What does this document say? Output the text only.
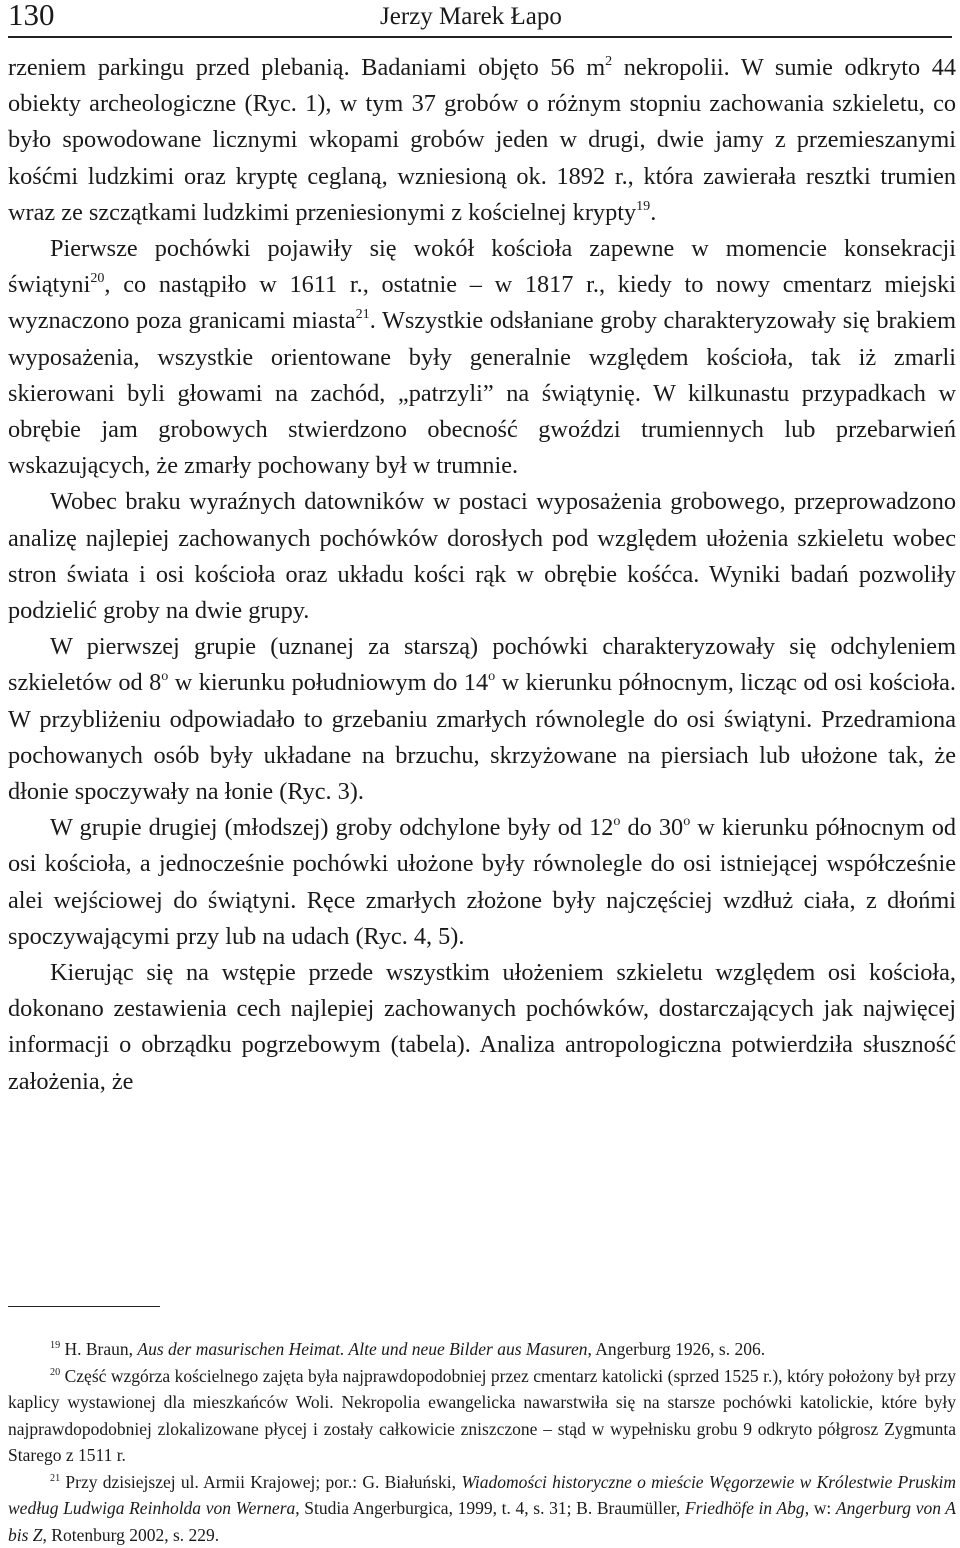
130	Jerzy Marek Łapo

rzeniem parkingu przed plebanią. Badaniami objęto 56 $m^2$ nekropolii. W sumie odkryto 44 obiekty archeologiczne (Ryc. 1), w tym 37 grobów o różnym stopniu zachowania szkieletu, co było spowodowane licznymi wkopami grobów jeden w drugi, dwie jamy z przemieszanymi kośćmi ludzkimi oraz kryptę ceglaną, wzniesioną ok. 1892 r., która zawierała resztki trumien wraz ze szczątkami ludzkimi przeniesionymi z kościelnej krypty$^{19}$.

Pierwsze pochówki pojawiły się wokół kościoła zapewne w momencie konsekracji świątyni$^{20}$, co nastąpiło w 1611 r., ostatnie – w 1817 r., kiedy to nowy cmentarz miejski wyznaczono poza granicami miasta$^{21}$. Wszystkie odsłaniane groby charakteryzowały się brakiem wyposażenia, wszystkie orientowane były generalnie względem kościoła, tak iż zmarli skierowani byli głowami na zachód, „patrzyli” na świątynię. W kilkunastu przypadkach w obrębie jam grobowych stwierdzono obecność gwoździ trumiennych lub przebarwień wskazujących, że zmarły pochowany był w trumnie.

Wobec braku wyraźnych datowników w postaci wyposażenia grobowego, przeprowadzono analizę najlepiej zachowanych pochówków dorosłych pod względem ułożenia szkieletu wobec stron świata i osi kościoła oraz układu kości rąk w obrębie kośćca. Wyniki badań pozwoliły podzielić groby na dwie grupy.

W pierwszej grupie (uznanej za starszą) pochówki charakteryzowały się odchyleniem szkieletów od 8$^o$ w kierunku południowym do 14$^o$ w kierunku północnym, licząc od osi kościoła. W przybliżeniu odpowiadało to grzebaniu zmarłych równolegle do osi świątyni. Przedramiona pochowanych osób były układane na brzuchu, skrzyżowane na piersiach lub ułożone tak, że dłonie spoczywały na łonie (Ryc. 3).

W grupie drugiej (młodszej) groby odchylone były od 12$^o$ do 30$^o$ w kierunku północnym od osi kościoła, a jednocześnie pochówki ułożone były równolegle do osi istniejącej współcześnie alei wejściowej do świątyni. Ręce zmarłych złożone były najczęściej wzdłuż ciała, z dłońmi spoczywającymi przy lub na udach (Ryc. 4, 5).

Kierując się na wstępie przede wszystkim ułożeniem szkieletu względem osi kościoła, dokonano zestawienia cech najlepiej zachowanych pochówków, dostarczających jak najwięcej informacji o obrządku pogrzebowym (tabela). Analiza antropologiczna potwierdziła słuszność założenia, że

$^{19}$ H. Braun, Aus der masurischen Heimat. Alte und neue Bilder aus Masuren, Angerburg 1926, s. 206.

$^{20}$ Część wzgórza kościelnego zajęta była najprawdopodobniej przez cmentarz katolicki (sprzed 1525 r.), który położony był przy kaplicy wystawionej dla mieszkańców Woli. Nekropolia ewangelicka nawarstwiła się na starsze pochówki katolickie, które były najprawdopodobniej zlokalizowane płycej i zostały całkowicie zniszczone – stąd w wypełnisku grobu 9 odkryto półgrosz Zygmunta Starego z 1511 r.

$^{21}$ Przy dzisiejszej ul. Armii Krajowej; por.: G. Białuński, Wiadomości historyczne o mieście Węgorzewie w Królestwie Pruskim według Ludwiga Reinholda von Wernera, Studia Angerburgica, 1999, t. 4, s. 31; B. Braumüller, Friedhöfe in Abg, w: Angerburg von A bis Z, Rotenburg 2002, s. 229.
